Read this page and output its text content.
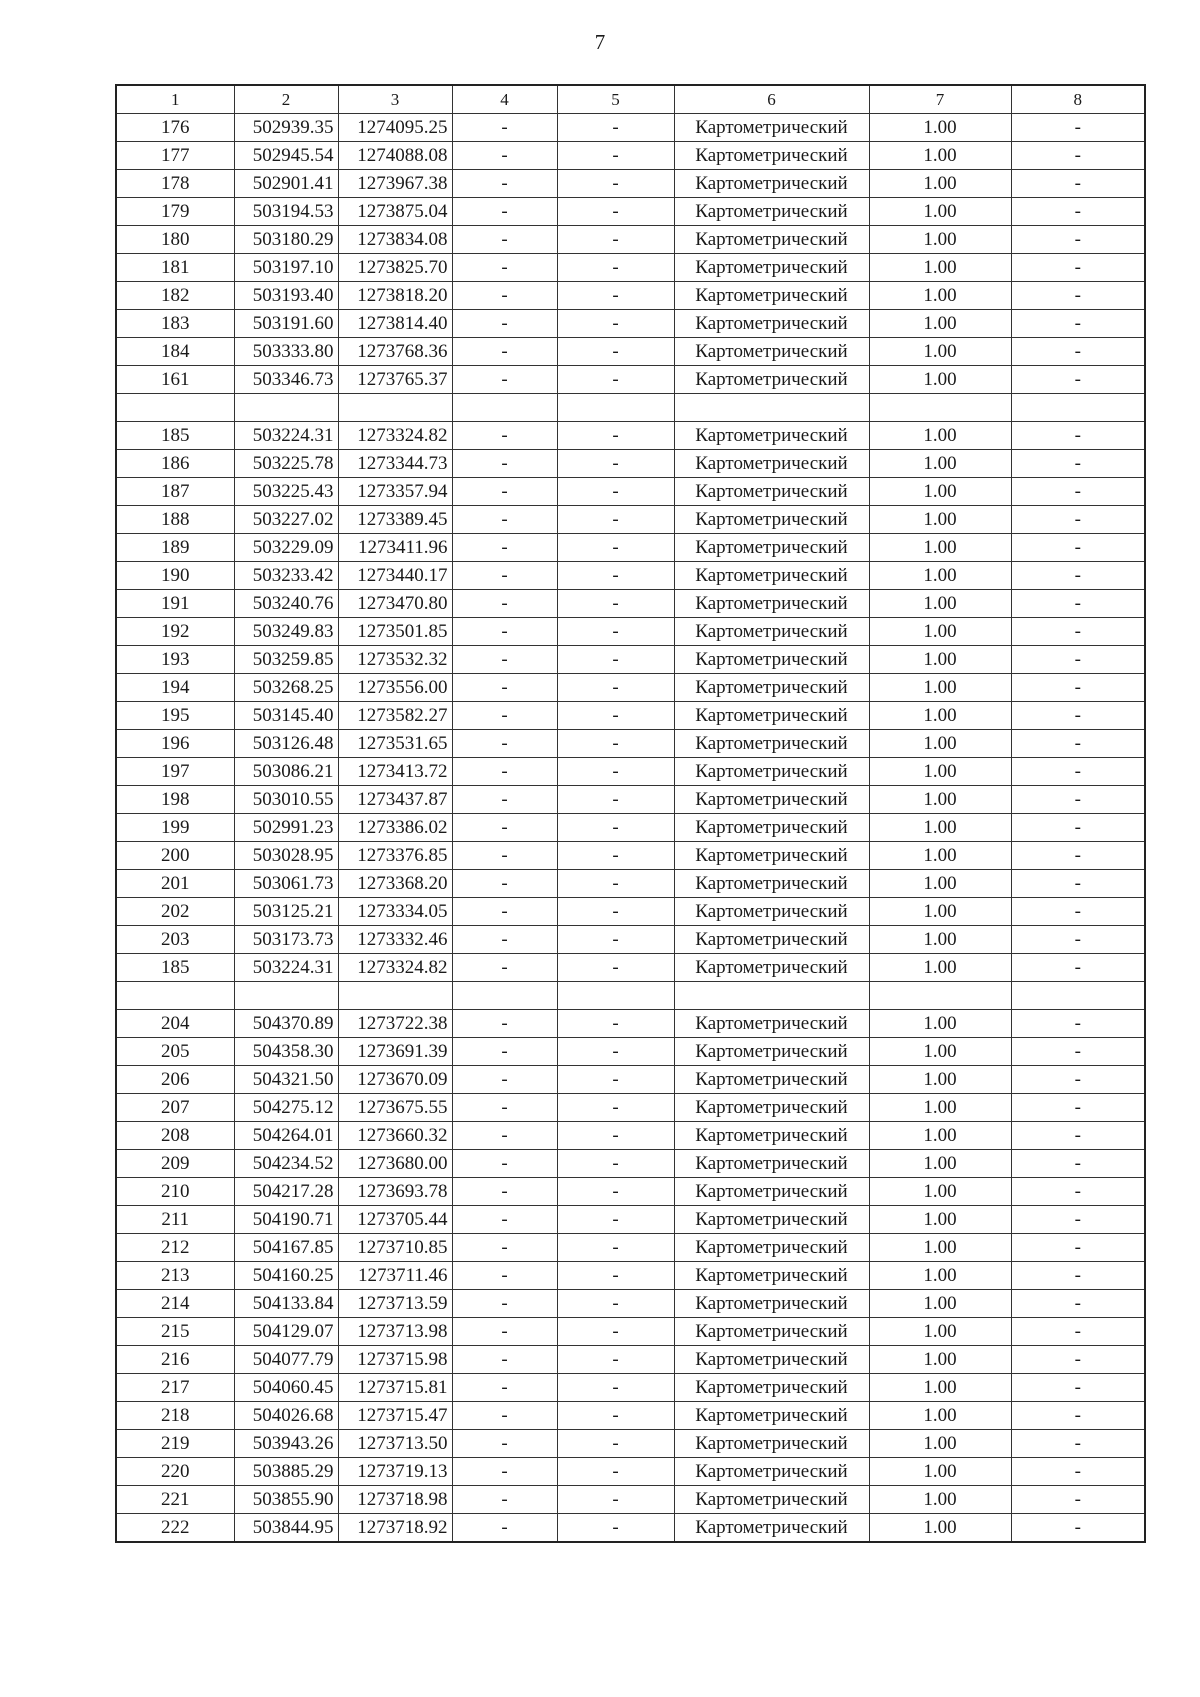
7
1	2	3	4	5	6	7	8
176	502939.35	1274095.25	-	-	Картометрический	1.00	-
177	502945.54	1274088.08	-	-	Картометрический	1.00	-
178	502901.41	1273967.38	-	-	Картометрический	1.00	-
179	503194.53	1273875.04	-	-	Картометрический	1.00	-
180	503180.29	1273834.08	-	-	Картометрический	1.00	-
181	503197.10	1273825.70	-	-	Картометрический	1.00	-
182	503193.40	1273818.20	-	-	Картометрический	1.00	-
183	503191.60	1273814.40	-	-	Картометрический	1.00	-
184	503333.80	1273768.36	-	-	Картометрический	1.00	-
161	503346.73	1273765.37	-	-	Картометрический	1.00	-

185	503224.31	1273324.82	-	-	Картометрический	1.00	-
186	503225.78	1273344.73	-	-	Картометрический	1.00	-
187	503225.43	1273357.94	-	-	Картометрический	1.00	-
188	503227.02	1273389.45	-	-	Картометрический	1.00	-
189	503229.09	1273411.96	-	-	Картометрический	1.00	-
190	503233.42	1273440.17	-	-	Картометрический	1.00	-
191	503240.76	1273470.80	-	-	Картометрический	1.00	-
192	503249.83	1273501.85	-	-	Картометрический	1.00	-
193	503259.85	1273532.32	-	-	Картометрический	1.00	-
194	503268.25	1273556.00	-	-	Картометрический	1.00	-
195	503145.40	1273582.27	-	-	Картометрический	1.00	-
196	503126.48	1273531.65	-	-	Картометрический	1.00	-
197	503086.21	1273413.72	-	-	Картометрический	1.00	-
198	503010.55	1273437.87	-	-	Картометрический	1.00	-
199	502991.23	1273386.02	-	-	Картометрический	1.00	-
200	503028.95	1273376.85	-	-	Картометрический	1.00	-
201	503061.73	1273368.20	-	-	Картометрический	1.00	-
202	503125.21	1273334.05	-	-	Картометрический	1.00	-
203	503173.73	1273332.46	-	-	Картометрический	1.00	-
185	503224.31	1273324.82	-	-	Картометрический	1.00	-

204	504370.89	1273722.38	-	-	Картометрический	1.00	-
205	504358.30	1273691.39	-	-	Картометрический	1.00	-
206	504321.50	1273670.09	-	-	Картометрический	1.00	-
207	504275.12	1273675.55	-	-	Картометрический	1.00	-
208	504264.01	1273660.32	-	-	Картометрический	1.00	-
209	504234.52	1273680.00	-	-	Картометрический	1.00	-
210	504217.28	1273693.78	-	-	Картометрический	1.00	-
211	504190.71	1273705.44	-	-	Картометрический	1.00	-
212	504167.85	1273710.85	-	-	Картометрический	1.00	-
213	504160.25	1273711.46	-	-	Картометрический	1.00	-
214	504133.84	1273713.59	-	-	Картометрический	1.00	-
215	504129.07	1273713.98	-	-	Картометрический	1.00	-
216	504077.79	1273715.98	-	-	Картометрический	1.00	-
217	504060.45	1273715.81	-	-	Картометрический	1.00	-
218	504026.68	1273715.47	-	-	Картометрический	1.00	-
219	503943.26	1273713.50	-	-	Картометрический	1.00	-
220	503885.29	1273719.13	-	-	Картометрический	1.00	-
221	503855.90	1273718.98	-	-	Картометрический	1.00	-
222	503844.95	1273718.92	-	-	Картометрический	1.00	-
